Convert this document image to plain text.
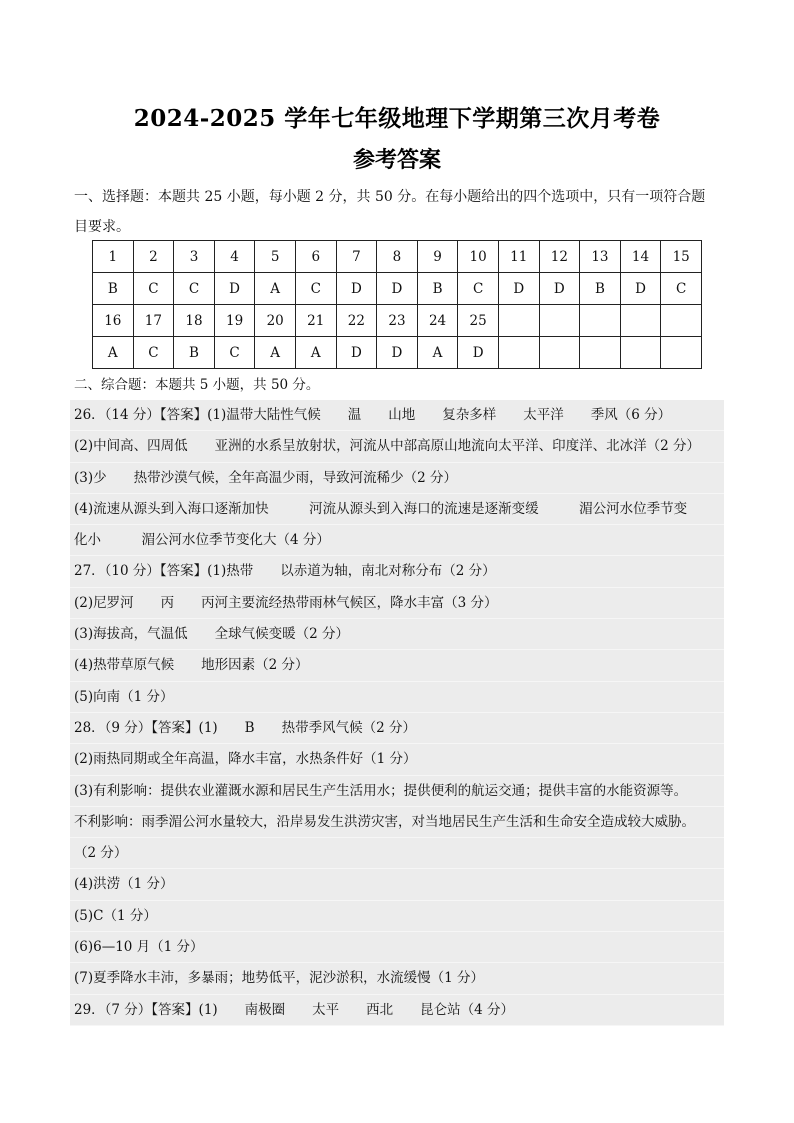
2024-2025 学年七年级地理下学期第三次月考卷
参考答案
一、选择题：本题共 25 小题，每小题 2 分，共 50 分。在每小题给出的四个选项中，只有一项符合题
目要求。
1	2	3	4	5	6	7	8	9	10	11	12	13	14	15
B	C	C	D	A	C	D	D	B	C	D	D	B	D	C
16	17	18	19	20	21	22	23	24	25					
A	C	B	C	A	A	D	D	A	D					
二、综合题：本题共 5 小题，共 50 分。
26．（14 分）【答案】(1)温带大陆性气候　　温　　山地　　复杂多样　　太平洋　　季风（6 分）
(2)中间高、四周低　　亚洲的水系呈放射状，河流从中部高原山地流向太平洋、印度洋、北冰洋（2 分）
(3)少　　热带沙漠气候，全年高温少雨，导致河流稀少（2 分）
(4)流速从源头到入海口逐渐加快　　　河流从源头到入海口的流速是逐渐变缓　　　湄公河水位季节变
化小　　　湄公河水位季节变化大（4 分）
27．（10 分）【答案】(1)热带　　以赤道为轴，南北对称分布（2 分）
(2)尼罗河　　丙　　丙河主要流经热带雨林气候区，降水丰富（3 分）
(3)海拔高，气温低　　全球气候变暖（2 分）
(4)热带草原气候　　地形因素（2 分）
(5)向南（1 分）
28．（9 分）【答案】(1)　　B　　热带季风气候（2 分）
(2)雨热同期或全年高温，降水丰富，水热条件好（1 分）
(3)有利影响：提供农业灌溉水源和居民生产生活用水；提供便利的航运交通；提供丰富的水能资源等。
不利影响：雨季湄公河水量较大，沿岸易发生洪涝灾害，对当地居民生产生活和生命安全造成较大威胁。
（2 分）
(4)洪涝（1 分）
(5)C（1 分）
(6)6—10 月（1 分）
(7)夏季降水丰沛，多暴雨；地势低平，泥沙淤积，水流缓慢（1 分）
29．（7 分）【答案】(1)　　南极圈　　太平　　西北　　昆仑站（4 分）
